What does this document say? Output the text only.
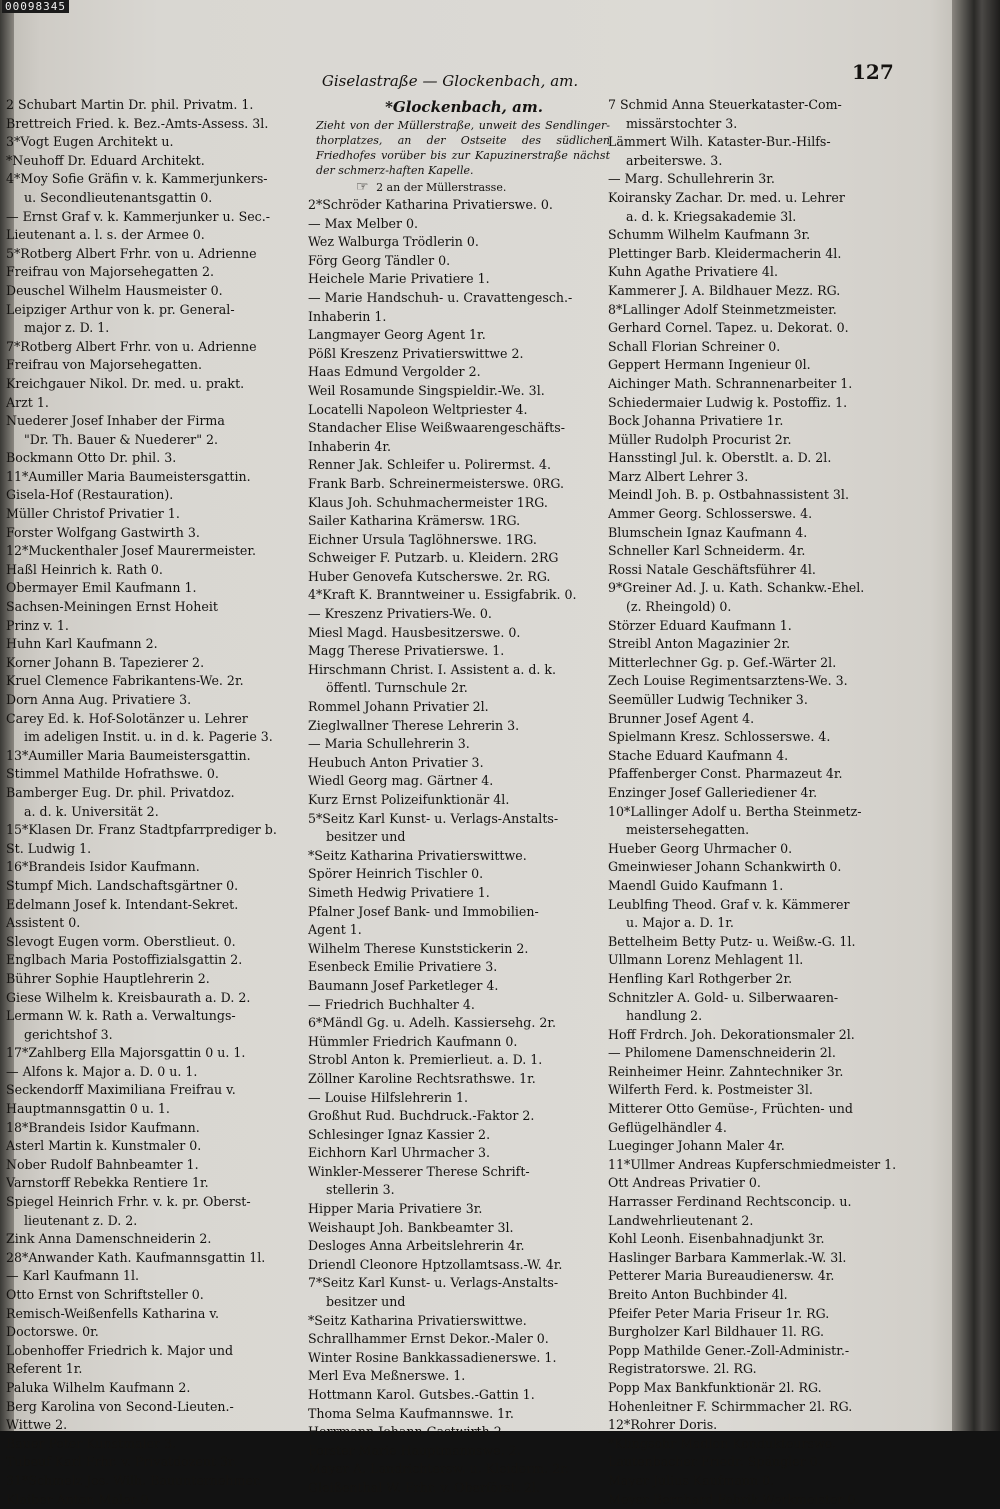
00098345
Giselastraße — Glockenbach, am.	127
2 Schubart Martin Dr. phil. Privatm. 1.
Brettreich Fried. k. Bez.-Amts-Assess. 3l.
3*Vogt Eugen Architekt u.
*Neuhoff Dr. Eduard Architekt.
4*Moy Sofie Gräfin v. k. Kammerjunkers-
u. Secondlieutenantsgattin 0.
— Ernst Graf v. k. Kammerjunker u. Sec.-
Lieutenant a. l. s. der Armee 0.
5*Rotberg Albert Frhr. von u. Adrienne
Freifrau von Majorsehegatten 2.
Deuschel Wilhelm Hausmeister 0.
Leipziger Arthur von k. pr. General-
major z. D. 1.
7*Rotberg Albert Frhr. von u. Adrienne
Freifrau von Majorsehegatten.
Kreichgauer Nikol. Dr. med. u. prakt.
Arzt 1.
Nuederer Josef Inhaber der Firma
"Dr. Th. Bauer & Nuederer" 2.
Bockmann Otto Dr. phil. 3.
11*Aumiller Maria Baumeistersgattin.
Gisela-Hof (Restauration).
Müller Christof Privatier 1.
Forster Wolfgang Gastwirth 3.
12*Muckenthaler Josef Maurermeister.
Haßl Heinrich k. Rath 0.
Obermayer Emil Kaufmann 1.
Sachsen-Meiningen Ernst Hoheit
Prinz v. 1.
Huhn Karl Kaufmann 2.
Korner Johann B. Tapezierer 2.
Kruel Clemence Fabrikantens-We. 2r.
Dorn Anna Aug. Privatiere 3.
Carey Ed. k. Hof-Solotänzer u. Lehrer
im adeligen Instit. u. in d. k. Pagerie 3.
13*Aumiller Maria Baumeistersgattin.
Stimmel Mathilde Hofrathswe. 0.
Bamberger Eug. Dr. phil. Privatdoz.
a. d. k. Universität 2.
15*Klasen Dr. Franz Stadtpfarrprediger b.
St. Ludwig 1.
16*Brandeis Isidor Kaufmann.
Stumpf Mich. Landschaftsgärtner 0.
Edelmann Josef k. Intendant-Sekret.
Assistent 0.
Slevogt Eugen vorm. Oberstlieut. 0.
Englbach Maria Postoffizialsgattin 2.
Bührer Sophie Hauptlehrerin 2.
Giese Wilhelm k. Kreisbaurath a. D. 2.
Lermann W. k. Rath a. Verwaltungs-
gerichtshof 3.
17*Zahlberg Ella Majorsgattin 0 u. 1.
— Alfons k. Major a. D. 0 u. 1.
Seckendorff Maximiliana Freifrau v.
Hauptmannsgattin 0 u. 1.
18*Brandeis Isidor Kaufmann.
Asterl Martin k. Kunstmaler 0.
Nober Rudolf Bahnbeamter 1.
Varnstorff Rebekka Rentiere 1r.
Spiegel Heinrich Frhr. v. k. pr. Oberst-
lieutenant z. D. 2.
Zink Anna Damenschneiderin 2.
28*Anwander Kath. Kaufmannsgattin 1l.
— Karl Kaufmann 1l.
Otto Ernst von Schriftsteller 0.
Remisch-Weißenfells Katharina v.
Doctorswe. 0r.
Lobenhoffer Friedrich k. Major und
Referent 1r.
Paluka Wilhelm Kaufmann 2.
Berg Karolina von Second-Lieuten.-
Wittwe 2.
Bauer Peter Kunstmaler 3.
Tubeuf Karl Frhr. v. Privatdozent 3r.
31*Schmelz Jos. Wilh. Bauunternehmer.
Klaiber Anton Maler 0.
*Glockenbach, am.
Zieht von der Müllerstraße, unweit des Sendlinger-thorplatzes, an der Ostseite des südlichen Friedhofes vorüber bis zur Kapuzinerstraße nächst der schmerz-haften Kapelle.
☞ 2 an der Müllerstrasse.
2*Schröder Katharina Privatierswe. 0.
— Max Melber 0.
Wez Walburga Trödlerin 0.
Förg Georg Tändler 0.
Heichele Marie Privatiere 1.
— Marie Handschuh- u. Cravattengesch.-
Inhaberin 1.
Langmayer Georg Agent 1r.
Pößl Kreszenz Privatierswittwe 2.
Haas Edmund Vergolder 2.
Weil Rosamunde Singspieldir.-We. 3l.
Locatelli Napoleon Weltpriester 4.
Standacher Elise Weißwaarengeschäfts-
Inhaberin 4r.
Renner Jak. Schleifer u. Polirermst. 4.
Frank Barb. Schreinermeisterswe. 0RG.
Klaus Joh. Schuhmachermeister 1RG.
Sailer Katharina Krämersw. 1RG.
Eichner Ursula Taglöhnerswe. 1RG.
Schweiger F. Putzarb. u. Kleidern. 2RG
Huber Genovefa Kutscherswe. 2r. RG.
4*Kraft K. Branntweiner u. Essigfabrik. 0.
— Kreszenz Privatiers-We. 0.
Miesl Magd. Hausbesitzerswe. 0.
Magg Therese Privatierswe. 1.
Hirschmann Christ. I. Assistent a. d. k.
öffentl. Turnschule 2r.
Rommel Johann Privatier 2l.
Zieglwallner Therese Lehrerin 3.
— Maria Schullehrerin 3.
Heubuch Anton Privatier 3.
Wiedl Georg mag. Gärtner 4.
Kurz Ernst Polizeifunktionär 4l.
5*Seitz Karl Kunst- u. Verlags-Anstalts-
besitzer und
*Seitz Katharina Privatierswittwe.
Spörer Heinrich Tischler 0.
Simeth Hedwig Privatiere 1.
Pfalner Josef Bank- und Immobilien-
Agent 1.
Wilhelm Therese Kunststickerin 2.
Esenbeck Emilie Privatiere 3.
Baumann Josef Parketleger 4.
— Friedrich Buchhalter 4.
6*Mändl Gg. u. Adelh. Kassiersehg. 2r.
Hümmler Friedrich Kaufmann 0.
Strobl Anton k. Premierlieut. a. D. 1.
Zöllner Karoline Rechtsrathswe. 1r.
— Louise Hilfslehrerin 1.
Großhut Rud. Buchdruck.-Faktor 2.
Schlesinger Ignaz Kassier 2.
Eichhorn Karl Uhrmacher 3.
Winkler-Messerer Therese Schrift-
stellerin 3.
Hipper Maria Privatiere 3r.
Weishaupt Joh. Bankbeamter 3l.
Desloges Anna Arbeitslehrerin 4r.
Driendl Cleonore Hptzollamtsass.-W. 4r.
7*Seitz Karl Kunst- u. Verlags-Anstalts-
besitzer und
*Seitz Katharina Privatierswittwe.
Schrallhammer Ernst Dekor.-Maler 0.
Winter Rosine Bankkassadienerswe. 1.
Merl Eva Meßnerswe. 1.
Hottmann Karol. Gutsbes.-Gattin 1.
Thoma Selma Kaufmannswe. 1r.
Herrmann Johann Gastwirth 2.
Forster Marie Hauptmannswe. 2.
Mayer A. Landrichtersw. u. Kleiderm. 2r.
Gleißenthal W. Frhr. v. Oberförst. 2l.
7 Schmid Anna Steuerkataster-Com-
missärstochter 3.
Lämmert Wilh. Kataster-Bur.-Hilfs-
arbeiterswe. 3.
— Marg. Schullehrerin 3r.
Koiransky Zachar. Dr. med. u. Lehrer
a. d. k. Kriegsakademie 3l.
Schumm Wilhelm Kaufmann 3r.
Plettinger Barb. Kleidermacherin 4l.
Kuhn Agathe Privatiere 4l.
Kammerer J. A. Bildhauer Mezz. RG.
8*Lallinger Adolf Steinmetzmeister.
Gerhard Cornel. Tapez. u. Dekorat. 0.
Schall Florian Schreiner 0.
Geppert Hermann Ingenieur 0l.
Aichinger Math. Schrannenarbeiter 1.
Schiedermaier Ludwig k. Postoffiz. 1.
Bock Johanna Privatiere 1r.
Müller Rudolph Procurist 2r.
Hansstingl Jul. k. Oberstlt. a. D. 2l.
Marz Albert Lehrer 3.
Meindl Joh. B. p. Ostbahnassistent 3l.
Ammer Georg. Schlosserswe. 4.
Blumschein Ignaz Kaufmann 4.
Schneller Karl Schneiderm. 4r.
Rossi Natale Geschäftsführer 4l.
9*Greiner Ad. J. u. Kath. Schankw.-Ehel.
(z. Rheingold) 0.
Störzer Eduard Kaufmann 1.
Streibl Anton Magazinier 2r.
Mitterlechner Gg. p. Gef.-Wärter 2l.
Zech Louise Regimentsarztens-We. 3.
Seemüller Ludwig Techniker 3.
Brunner Josef Agent 4.
Spielmann Kresz. Schlosserswe. 4.
Stache Eduard Kaufmann 4.
Pfaffenberger Const. Pharmazeut 4r.
Enzinger Josef Galleriediener 4r.
10*Lallinger Adolf u. Bertha Steinmetz-
meistersehegatten.
Hueber Georg Uhrmacher 0.
Gmeinwieser Johann Schankwirth 0.
Maendl Guido Kaufmann 1.
Leublfing Theod. Graf v. k. Kämmerer
u. Major a. D. 1r.
Bettelheim Betty Putz- u. Weißw.-G. 1l.
Ullmann Lorenz Mehlagent 1l.
Henfling Karl Rothgerber 2r.
Schnitzler A. Gold- u. Silberwaaren-
handlung 2.
Hoff Frdrch. Joh. Dekorationsmaler 2l.
— Philomene Damenschneiderin 2l.
Reinheimer Heinr. Zahntechniker 3r.
Wilferth Ferd. k. Postmeister 3l.
Mitterer Otto Gemüse-, Früchten- und
Geflügelhändler 4.
Lueginger Johann Maler 4r.
11*Ullmer Andreas Kupferschmiedmeister 1.
Ott Andreas Privatier 0.
Harrasser Ferdinand Rechtsconcip. u.
Landwehrlieutenant 2.
Kohl Leonh. Eisenbahnadjunkt 3r.
Haslinger Barbara Kammerlak.-W. 3l.
Petterer Maria Bureaudienersw. 4r.
Breito Anton Buchbinder 4l.
Pfeifer Peter Maria Friseur 1r. RG.
Burgholzer Karl Bildhauer 1l. RG.
Popp Mathilde Gener.-Zoll-Administr.-
Registratorswe. 2l. RG.
Popp Max Bankfunktionär 2l. RG.
Hohenleitner F. Schirmmacher 2l. RG.
12*Rohrer Doris.
*Klingsohr Madlon Konduktеurswe.
Lautenbacher Friedr. Spängler 0.
Mayer Julius Kaufmann 0.
Meyer Bernhard Fabrik-Werkmeister 0.
